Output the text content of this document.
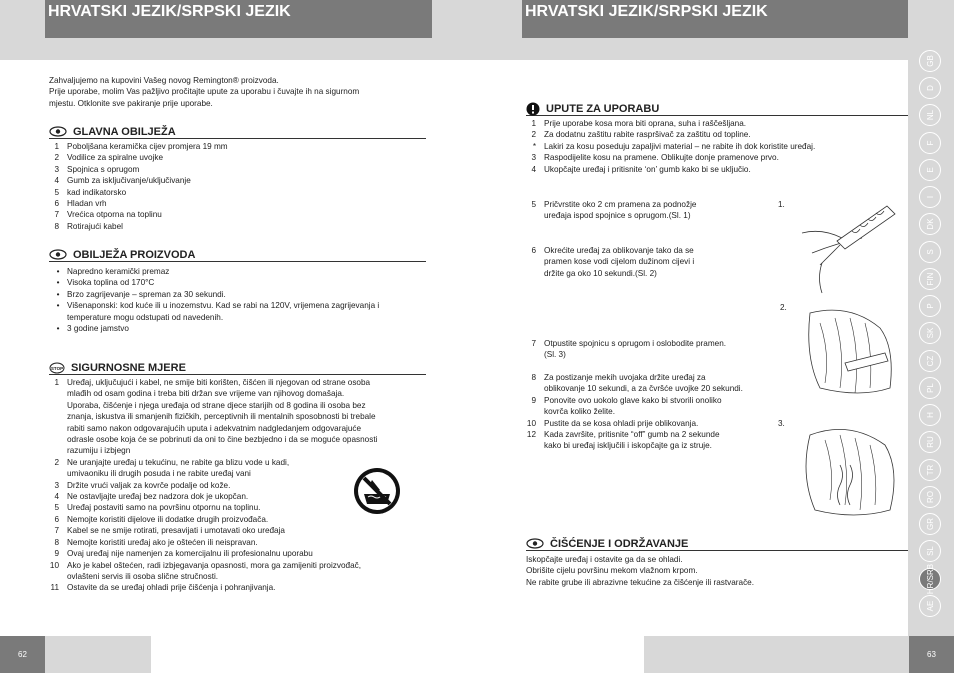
HRVATSKI JEZIK/SRPSKI JEZIK
Zahvaljujemo na kupovini Vašeg novog Remington® proizvoda.
Prije uporabe, molim Vas pažljivo pročitajte upute za uporabu i čuvajte ih na sigurnom
mjestu. Otklonite sve pakiranje prije uporabe.
GLAVNA OBILJEŽA
1 Pobolјšana keramička cijev promjera 19 mm
2 Vodilice za spiralne uvojke
3 Spojnica s oprugom
4 Gumb za isključivanje/uključivanje
5 kad indikatorsko
6 Hladan vrh
7 Vrećica otporna na toplinu
8 Rotirajući kabel
OBILJEŽA PROIZVODA
• Napredno keramički premaz
• Visoka toplina od 170°C
• Brzo zagrijevanje – spreman za 30 sekundi.
• Višenaponski: kod kuće ili u inozemstvu. Kad se rabi na 120V, vrijemena zagrijevanja i
temperature mogu odstupati od navedenih.
• 3 godine jamstvo
STOP SIGURNOSNE MJERE
1 Uređaj, uključujući i kabel, ne smije biti korišten, čišćen ili njegovan od strane osoba
mlađih od osam godina i treba biti držan sve vrijeme van njihovog domašaja.
Uporaba, čišćenje i njega uređaja od strane djece starijih od 8 godina ili osoba bez
znanja, iskustva ili smanjenih fizičkih, perceptivnih ili mentalnih sposobnosti bi trebale
rabiti samo nakon odgovarajućih uputa i adekvatnim nadgledanjem odgovarajuće
odrasle osobe koja će se pobrinuti da oni to čine bezbjedno i da se moguće opasnosti
razumiju i izbjegn
2 Ne uranjajte uređaj u tekućinu, ne rabite ga blizu vode u kadi,
umivaoniku ili drugih posuda i ne rabite uređaj vani
3 Držite vrući valjak za kovrče podalje od kože.
4 Ne ostavljajte uređaj bez nadzora dok je ukopčan.
5 Uređaj postaviti samo na površinu otpornu na toplinu.
6 Nemojte koristiti dijelove ili dodatke drugih proizvođača.
7 Kabel se ne smije rotirati, presavijati i umotavati oko uređaja
8 Nemojte koristiti uređaj ako je oštećen ili neispravan.
9 Ovaj uređaj nije namenjen za komercijalnu ili profesionalnu uporabu
10 Ako je kabel oštećen, radi izbjegavanja opasnosti, mora ga zamijeniti proizvođač,
ovlašteni servis ili osoba slične stručnosti.
11 Ostavite da se uređaj ohladi prije čišćenja i pohranjivanja.
62
HRVATSKI JEZIK/SRPSKI JEZIK
UPUTE ZA UPORABU
1 Prije uporabe kosa mora biti oprana, suha i raščešljana.
2 Za dodatnu zaštitu rabite raspršivač za zaštitu od topline.
* Lakiri za kosu poseduju zapaljivi material – ne rabite ih dok koristite uređaj.
3 Raspodijelite kosu na pramene. Oblikujte donje pramenove prvo.
4 Ukopčajte uređaj i pritisnite ‘on’ gumb kako bi se uključio.
5 Pričvrstite oko 2 cm pramena za podnožje
uređaja ispod spojnice s oprugom.(Sl. 1)
6 Okrećite uređaj za oblikovanje tako da se
pramen kose vodi cijelom dužinom cijevi i
držite ga oko 10 sekundi.(Sl. 2)
7 Otpustite spojnicu s oprugom i oslobodite pramen.
(Sl. 3)
8 Za postizanje mekih uvojaka držite uređaj za
oblikovanje 10 sekundi, a za čvršće uvojke 20 sekundi.
9 Ponovite ovo uokolo glave kako bi stvorili onoliko
kovrča koliko želite.
10 Pustite da se kosa ohladi prije oblikovanja.
12 Kada završite, pritisnite “off” gumb na 2 sekunde
kako bi uređaj isključili i iskopčajte ga iz struje.
1.
2.
3.
ČIŠĆENJE I ODRŽAVANJE
Iskopčajte uređaj i ostavite ga da se ohladi.
Obrišite cijelu površinu mekom vlažnom krpom.
Ne rabite grube ili abrazivne tekućine za čišćenje ili rastvarače.
GB
D
NL
F
E
I
DK
S
FIN
P
SK
CZ
PL
H
RU
TR
RO
GR
SL
HR/SRB
AE
63
